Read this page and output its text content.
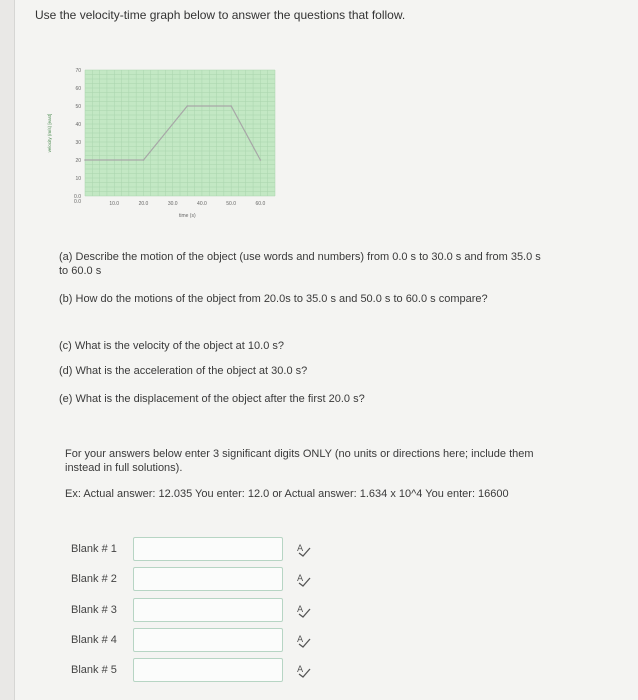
Use the velocity-time graph below to answer the questions that follow.
0.0
10
20
30
40
50
60
70
10.0	20.0	30.0	40.0	50.0	60.0
0.0
time (s)
velocity (m/s) [east]
(a) Describe the motion of the object (use words and numbers) from 0.0 s to 30.0 s and from 35.0 s to 60.0 s
(b) How do the motions of the object from 20.0s to 35.0 s and 50.0 s to 60.0 s compare?
(c) What is the velocity of the object at 10.0 s?
(d) What is the acceleration of the object at 30.0 s?
(e) What is the displacement of the object after the first 20.0 s?
For your answers below enter 3 significant digits ONLY (no units or directions here; include them instead in full solutions).
Ex: Actual answer: 12.035 You enter: 12.0 or Actual answer: 1.634 x 10^4 You enter: 16600
Blank # 1	A
Blank # 2	A
Blank # 3	A
Blank # 4	A
Blank # 5	A
